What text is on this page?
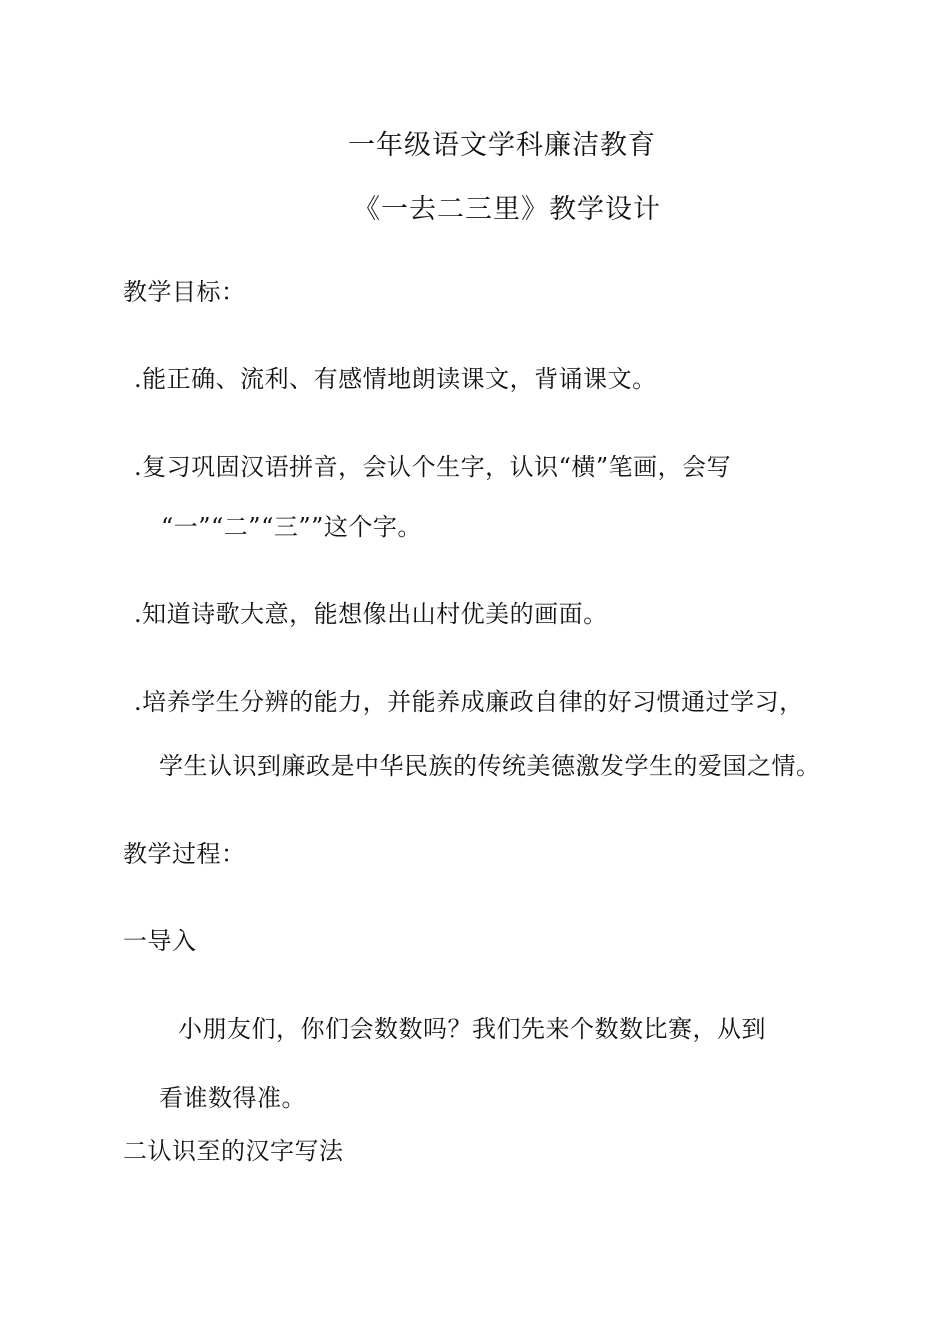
一年级语文学科廉洁教育
《一去二三里》教学设计
教学目标：
.能正确、流利、有感情地朗读课文，背诵课文。
.复习巩固汉语拼音，会认个生字，认识“横”笔画，会写
“一”“二”“三””这个字。
.知道诗歌大意，能想像出山村优美的画面。
.培养学生分辨的能力，并能养成廉政自律的好习惯通过学习，
学生认识到廉政是中华民族的传统美德激发学生的爱国之情。
教学过程：
一导入
小朋友们，你们会数数吗？我们先来个数数比赛，从到
看谁数得准。
二认识至的汉字写法
